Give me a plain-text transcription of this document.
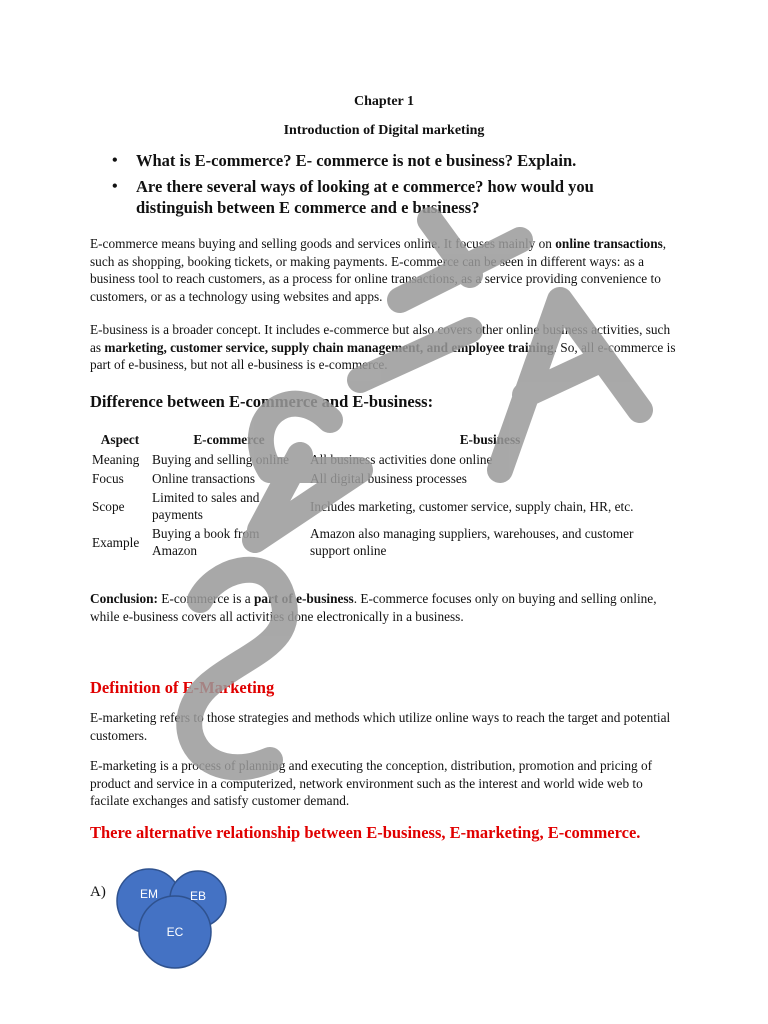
Chapter 1
Introduction of Digital marketing
• What is E-commerce? E- commerce is not e business? Explain.
• Are there several ways of looking at e commerce? how would you distinguish between E commerce and e business?
E-commerce means buying and selling goods and services online. It focuses mainly on online transactions, such as shopping, booking tickets, or making payments. E-commerce can be seen in different ways: as a business tool to reach customers, as a process for online transactions, as a service providing convenience to customers, or as a technology using websites and apps.
E-business is a broader concept. It includes e-commerce but also covers other online business activities, such as marketing, customer service, supply chain management, and employee training. So, all e-commerce is part of e-business, but not all e-business is e-commerce.
Difference between E-commerce and E-business:
Aspect	E-commerce	E-business
Meaning	Buying and selling online	All business activities done online
Focus	Online transactions	All digital business processes
Scope	Limited to sales and payments	Includes marketing, customer service, supply chain, HR, etc.
Example	Buying a book from Amazon	Amazon also managing suppliers, warehouses, and customer support online
Conclusion: E-commerce is a part of e-business. E-commerce focuses only on buying and selling online, while e-business covers all activities done electronically in a business.
Definition of E-Marketing
E-marketing refers to those strategies and methods which utilize online ways to reach the target and potential customers.
E-marketing is a process of planning and executing the conception, distribution, promotion and pricing of product and service in a computerized, network environment such as the interest and world wide web to facilate exchanges and satisfy customer demand.
There alternative relationship between E-business, E-marketing, E-commerce.
A)	EM	EB
EC
